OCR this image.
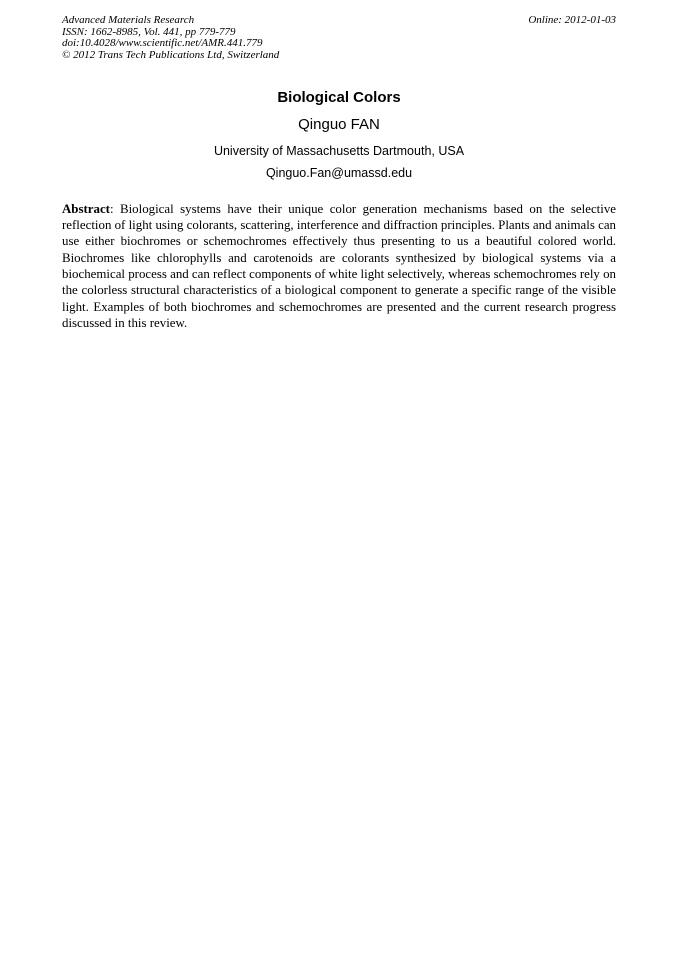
Advanced Materials Research
ISSN: 1662-8985, Vol. 441, pp 779-779
doi:10.4028/www.scientific.net/AMR.441.779
© 2012 Trans Tech Publications Ltd, Switzerland
Online: 2012-01-03
Biological Colors
Qinguo FAN
University of Massachusetts Dartmouth, USA
Qinguo.Fan@umassd.edu

Abstract: Biological systems have their unique color generation mechanisms based on the selective reflection of light using colorants, scattering, interference and diffraction principles. Plants and animals can use either biochromes or schemochromes effectively thus presenting to us a beautiful colored world. Biochromes like chlorophylls and carotenoids are colorants synthesized by biological systems via a biochemical process and can reflect components of white light selectively, whereas schemochromes rely on the colorless structural characteristics of a biological component to generate a specific range of the visible light. Examples of both biochromes and schemochromes are presented and the current research progress discussed in this review.
